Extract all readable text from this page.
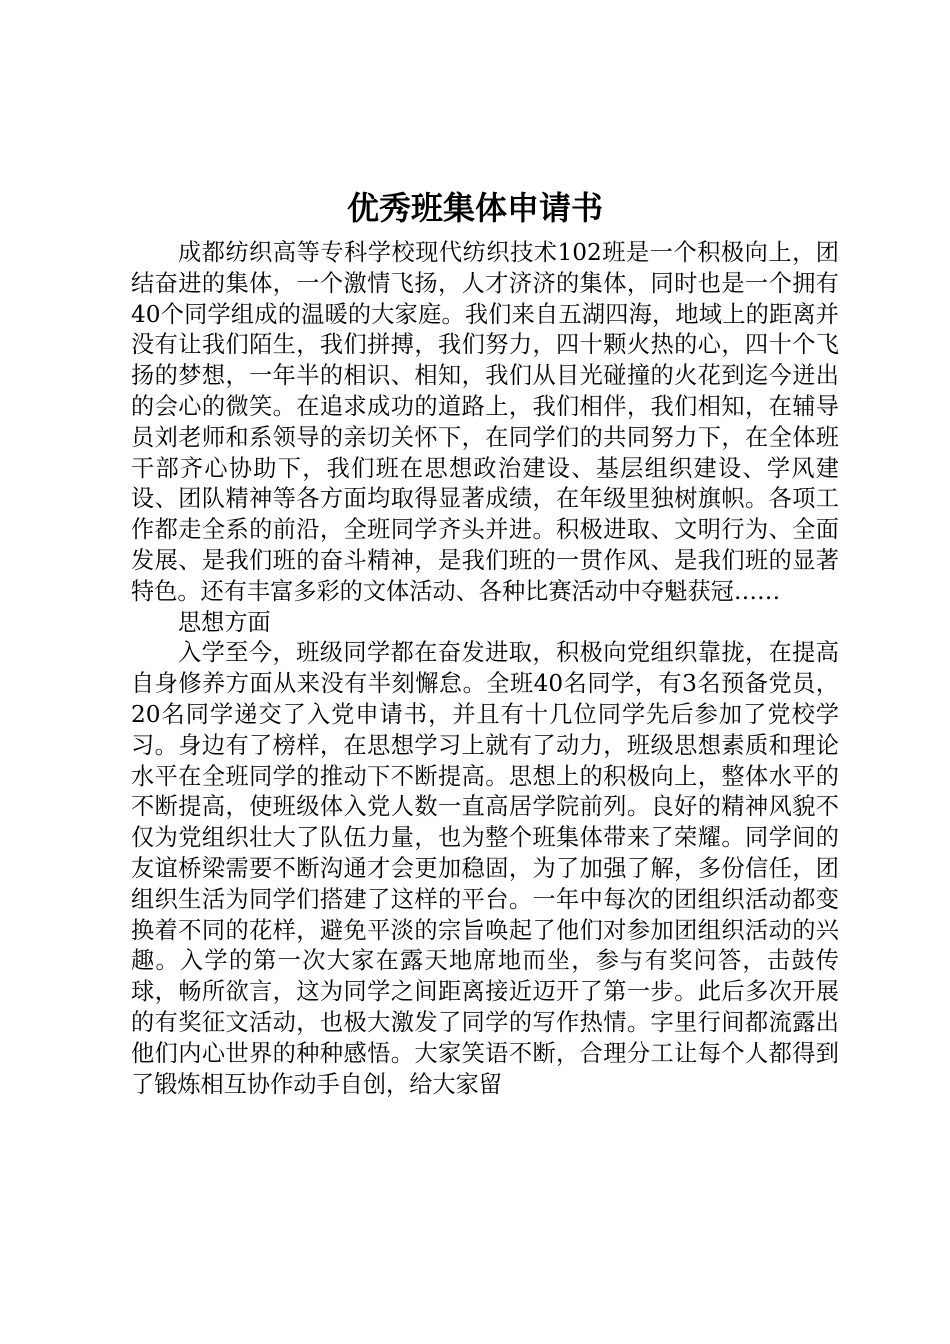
优秀班集体申请书

成都纺织高等专科学校现代纺织技术102班是一个积极向上，团结奋进的集体，一个激情飞扬，人才济济的集体，同时也是一个拥有40个同学组成的温暖的大家庭。我们来自五湖四海，地域上的距离并没有让我们陌生，我们拼搏，我们努力，四十颗火热的心，四十个飞扬的梦想，一年半的相识、相知，我们从目光碰撞的火花到迄今迸出的会心的微笑。在追求成功的道路上，我们相伴，我们相知，在辅导员刘老师和系领导的亲切关怀下，在同学们的共同努力下，在全体班干部齐心协助下，我们班在思想政治建设、基层组织建设、学风建设、团队精神等各方面均取得显著成绩，在年级里独树旗帜。各项工作都走全系的前沿，全班同学齐头并进。积极进取、文明行为、全面发展、是我们班的奋斗精神，是我们班的一贯作风、是我们班的显著特色。还有丰富多彩的文体活动、各种比赛活动中夺魁获冠……

思想方面

入学至今，班级同学都在奋发进取，积极向党组织靠拢，在提高自身修养方面从来没有半刻懈怠。全班40名同学，有3名预备党员，20名同学递交了入党申请书，并且有十几位同学先后参加了党校学习。身边有了榜样，在思想学习上就有了动力，班级思想素质和理论水平在全班同学的推动下不断提高。思想上的积极向上，整体水平的不断提高，使班级体入党人数一直高居学院前列。良好的精神风貌不仅为党组织壮大了队伍力量，也为整个班集体带来了荣耀。同学间的友谊桥梁需要不断沟通才会更加稳固，为了加强了解，多份信任，团组织生活为同学们搭建了这样的平台。一年中每次的团组织活动都变换着不同的花样，避免平淡的宗旨唤起了他们对参加团组织活动的兴趣。入学的第一次大家在露天地席地而坐，参与有奖问答，击鼓传球，畅所欲言，这为同学之间距离接近迈开了第一步。此后多次开展的有奖征文活动，也极大激发了同学的写作热情。字里行间都流露出他们内心世界的种种感悟。大家笑语不断，合理分工让每个人都得到了锻炼相互协作动手自创，给大家留
